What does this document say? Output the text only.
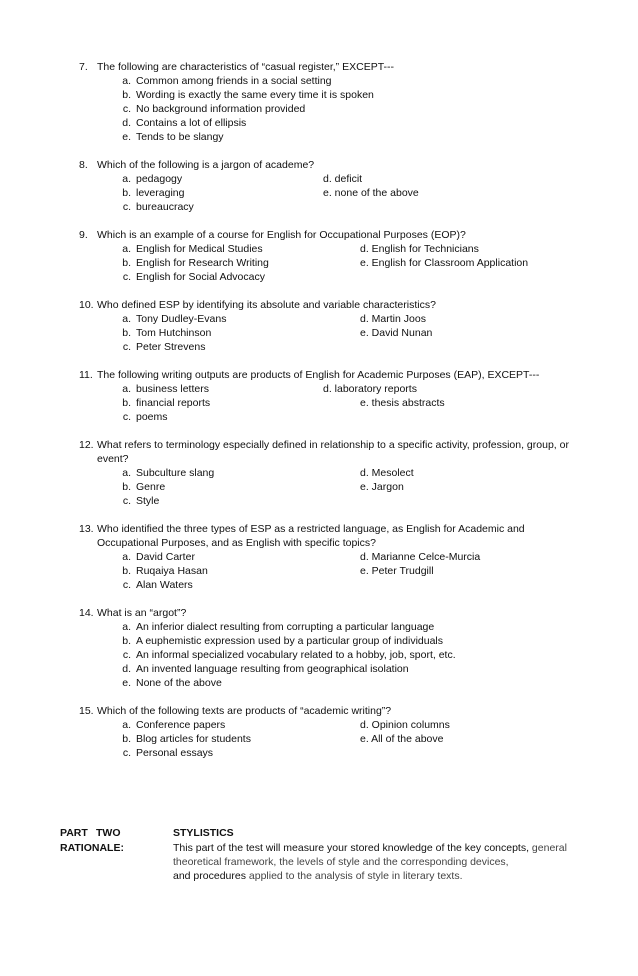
7. The following are characteristics of “casual register,” EXCEPT---
a. Common among friends in a social setting
b. Wording is exactly the same every time it is spoken
c. No background information provided
d. Contains a lot of ellipsis
e. Tends to be slangy
8. Which of the following is a jargon of academe?
a. pedagogy
b. leveraging
c. bureaucracy
d. deficit
e. none of the above
9. Which is an example of a course for English for Occupational Purposes (EOP)?
a. English for Medical Studies
b. English for Research Writing
c. English for Social Advocacy
d. English for Technicians
e. English for Classroom Application
10. Who defined ESP by identifying its absolute and variable characteristics?
a. Tony Dudley-Evans
b. Tom Hutchinson
c. Peter Strevens
d. Martin Joos
e. David Nunan
11. The following writing outputs are products of English for Academic Purposes (EAP), EXCEPT---
a. business letters
b. financial reports
c. poems
d. laboratory reports
e. thesis abstracts
12. What refers to terminology especially defined in relationship to a specific activity, profession, group, or event?
a. Subculture slang
b. Genre
c. Style
d. Mesolect
e. Jargon
13. Who identified the three types of ESP as a restricted language, as English for Academic and Occupational Purposes, and as English with specific topics?
a. David Carter
b. Ruqaiya Hasan
c. Alan Waters
d. Marianne Celce-Murcia
e. Peter Trudgill
14. What is an “argot”?
a. An inferior dialect resulting from corrupting a particular language
b. A euphemistic expression used by a particular group of individuals
c. An informal specialized vocabulary related to a hobby, job, sport, etc.
d. An invented language resulting from geographical isolation
e. None of the above
15. Which of the following texts are products of “academic writing”?
a. Conference papers
b. Blog articles for students
c. Personal essays
d. Opinion columns
e. All of the above
PART TWO	STYLISTICS
RATIONALE:	This part of the test will measure your stored knowledge of the key concepts, general
theoretical framework, the levels of style and the corresponding devices,
and procedures applied to the analysis of style in literary texts.
